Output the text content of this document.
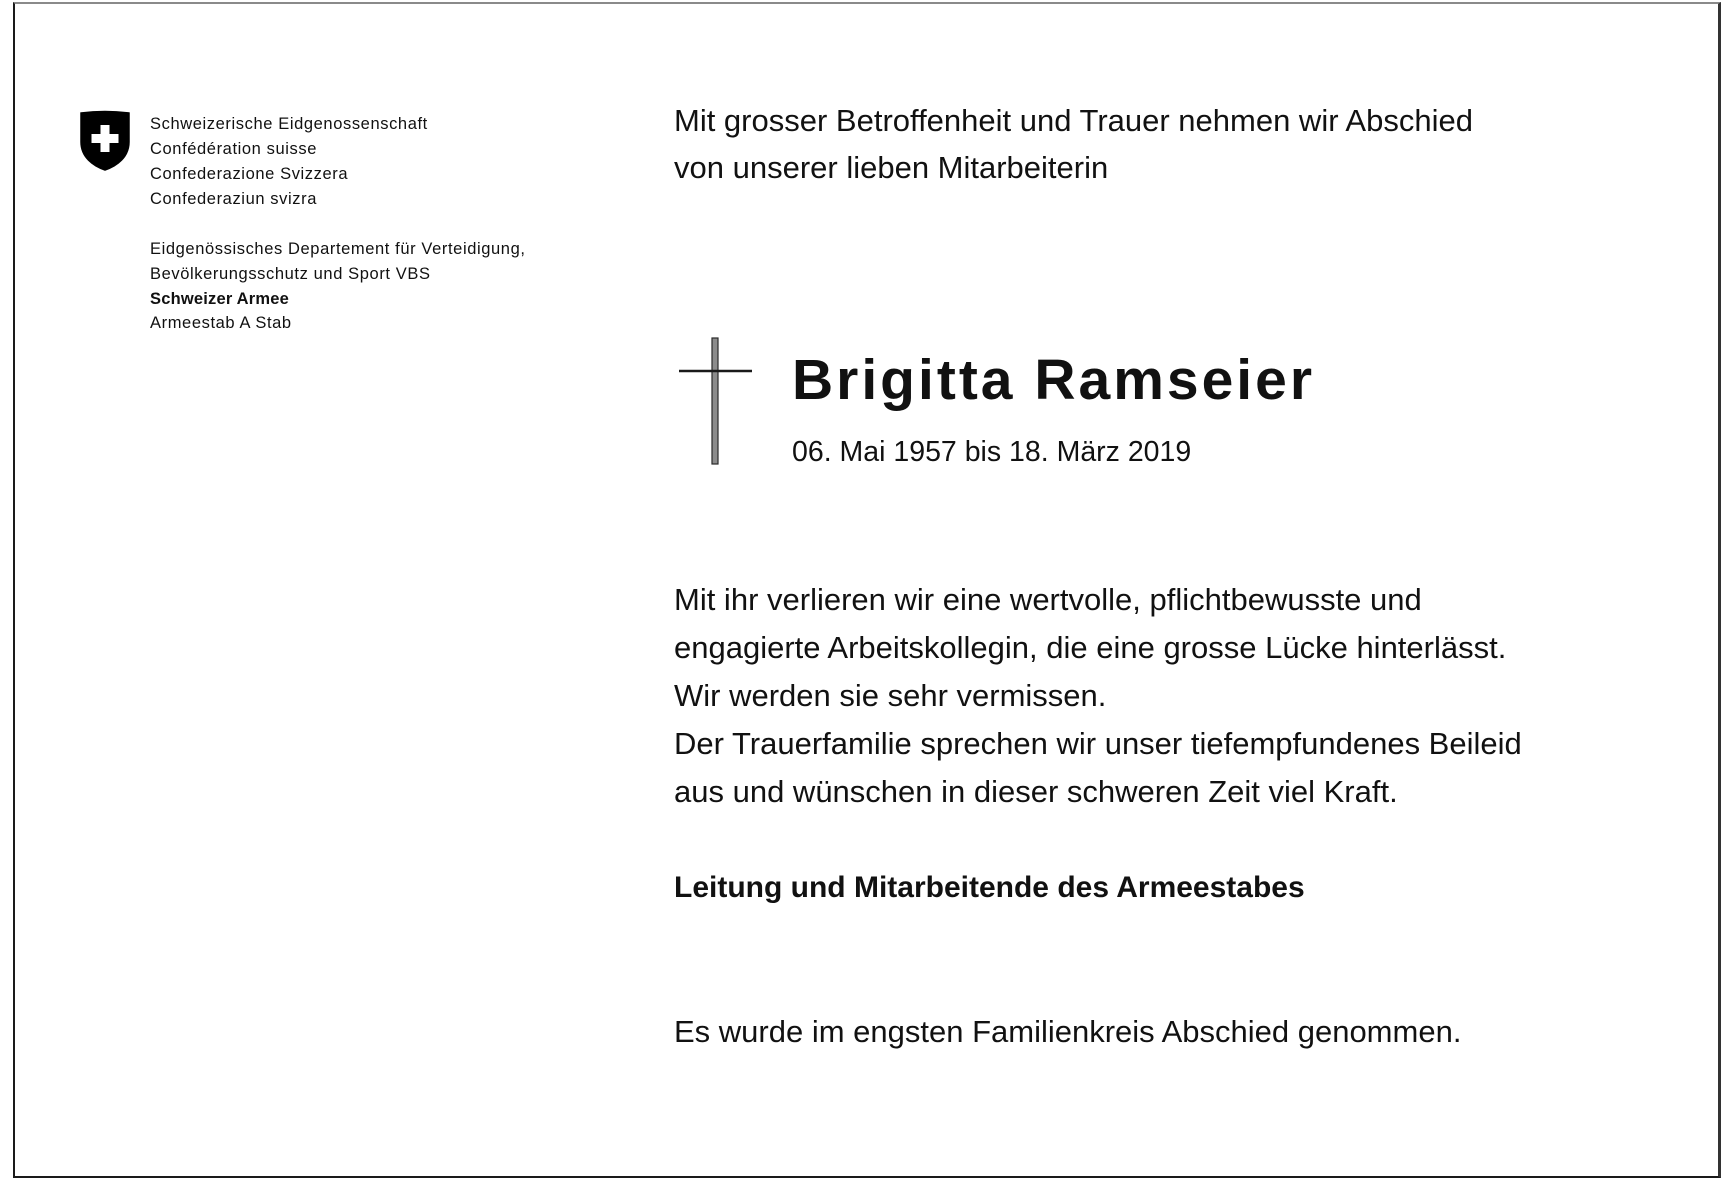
Schweizerische Eidgenossenschaft
Confédération suisse
Confederazione Svizzera
Confederaziun svizra
Eidgenössisches Departement für Verteidigung,
Bevölkerungsschutz und Sport VBS
Schweizer Armee
Armeestab A Stab
Mit grosser Betroffenheit und Trauer nehmen wir Abschied
von unserer lieben Mitarbeiterin
Brigitta Ramseier
06. Mai 1957 bis 18. März 2019
Mit ihr verlieren wir eine wertvolle, pflichtbewusste und
engagierte Arbeitskollegin, die eine grosse Lücke hinterlässt.
Wir werden sie sehr vermissen.
Der Trauerfamilie sprechen wir unser tiefempfundenes Beileid
aus und wünschen in dieser schweren Zeit viel Kraft.
Leitung und Mitarbeitende des Armeestabes
Es wurde im engsten Familienkreis Abschied genommen.
